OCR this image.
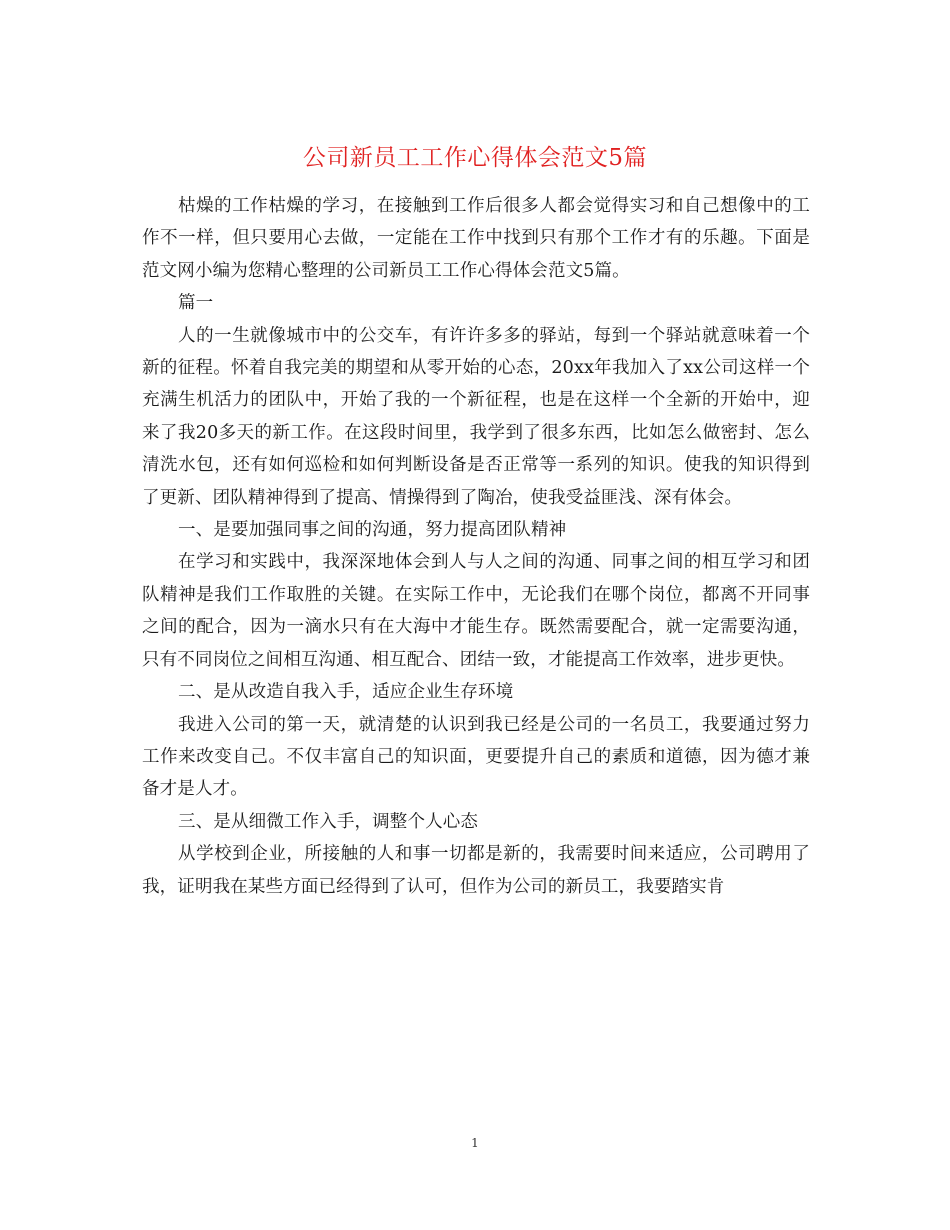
公司新员工工作心得体会范文5篇

枯燥的工作枯燥的学习，在接触到工作后很多人都会觉得实习和自己想像中的工作不一样，但只要用心去做，一定能在工作中找到只有那个工作才有的乐趣。下面是范文网小编为您精心整理的公司新员工工作心得体会范文5篇。

篇一

人的一生就像城市中的公交车，有许许多多的驿站，每到一个驿站就意味着一个新的征程。怀着自我完美的期望和从零开始的心态，20xx年我加入了xx公司这样一个充满生机活力的团队中，开始了我的一个新征程，也是在这样一个全新的开始中，迎来了我20多天的新工作。在这段时间里，我学到了很多东西，比如怎么做密封、怎么清洗水包，还有如何巡检和如何判断设备是否正常等一系列的知识。使我的知识得到了更新、团队精神得到了提高、情操得到了陶冶，使我受益匪浅、深有体会。

一、是要加强同事之间的沟通，努力提高团队精神

在学习和实践中，我深深地体会到人与人之间的沟通、同事之间的相互学习和团队精神是我们工作取胜的关键。在实际工作中，无论我们在哪个岗位，都离不开同事之间的配合，因为一滴水只有在大海中才能生存。既然需要配合，就一定需要沟通，只有不同岗位之间相互沟通、相互配合、团结一致，才能提高工作效率，进步更快。

二、是从改造自我入手，适应企业生存环境

我进入公司的第一天，就清楚的认识到我已经是公司的一名员工，我要通过努力工作来改变自己。不仅丰富自己的知识面，更要提升自己的素质和道德，因为德才兼备才是人才。

三、是从细微工作入手，调整个人心态

从学校到企业，所接触的人和事一切都是新的，我需要时间来适应，公司聘用了我，证明我在某些方面已经得到了认可，但作为公司的新员工，我要踏实肯

1
